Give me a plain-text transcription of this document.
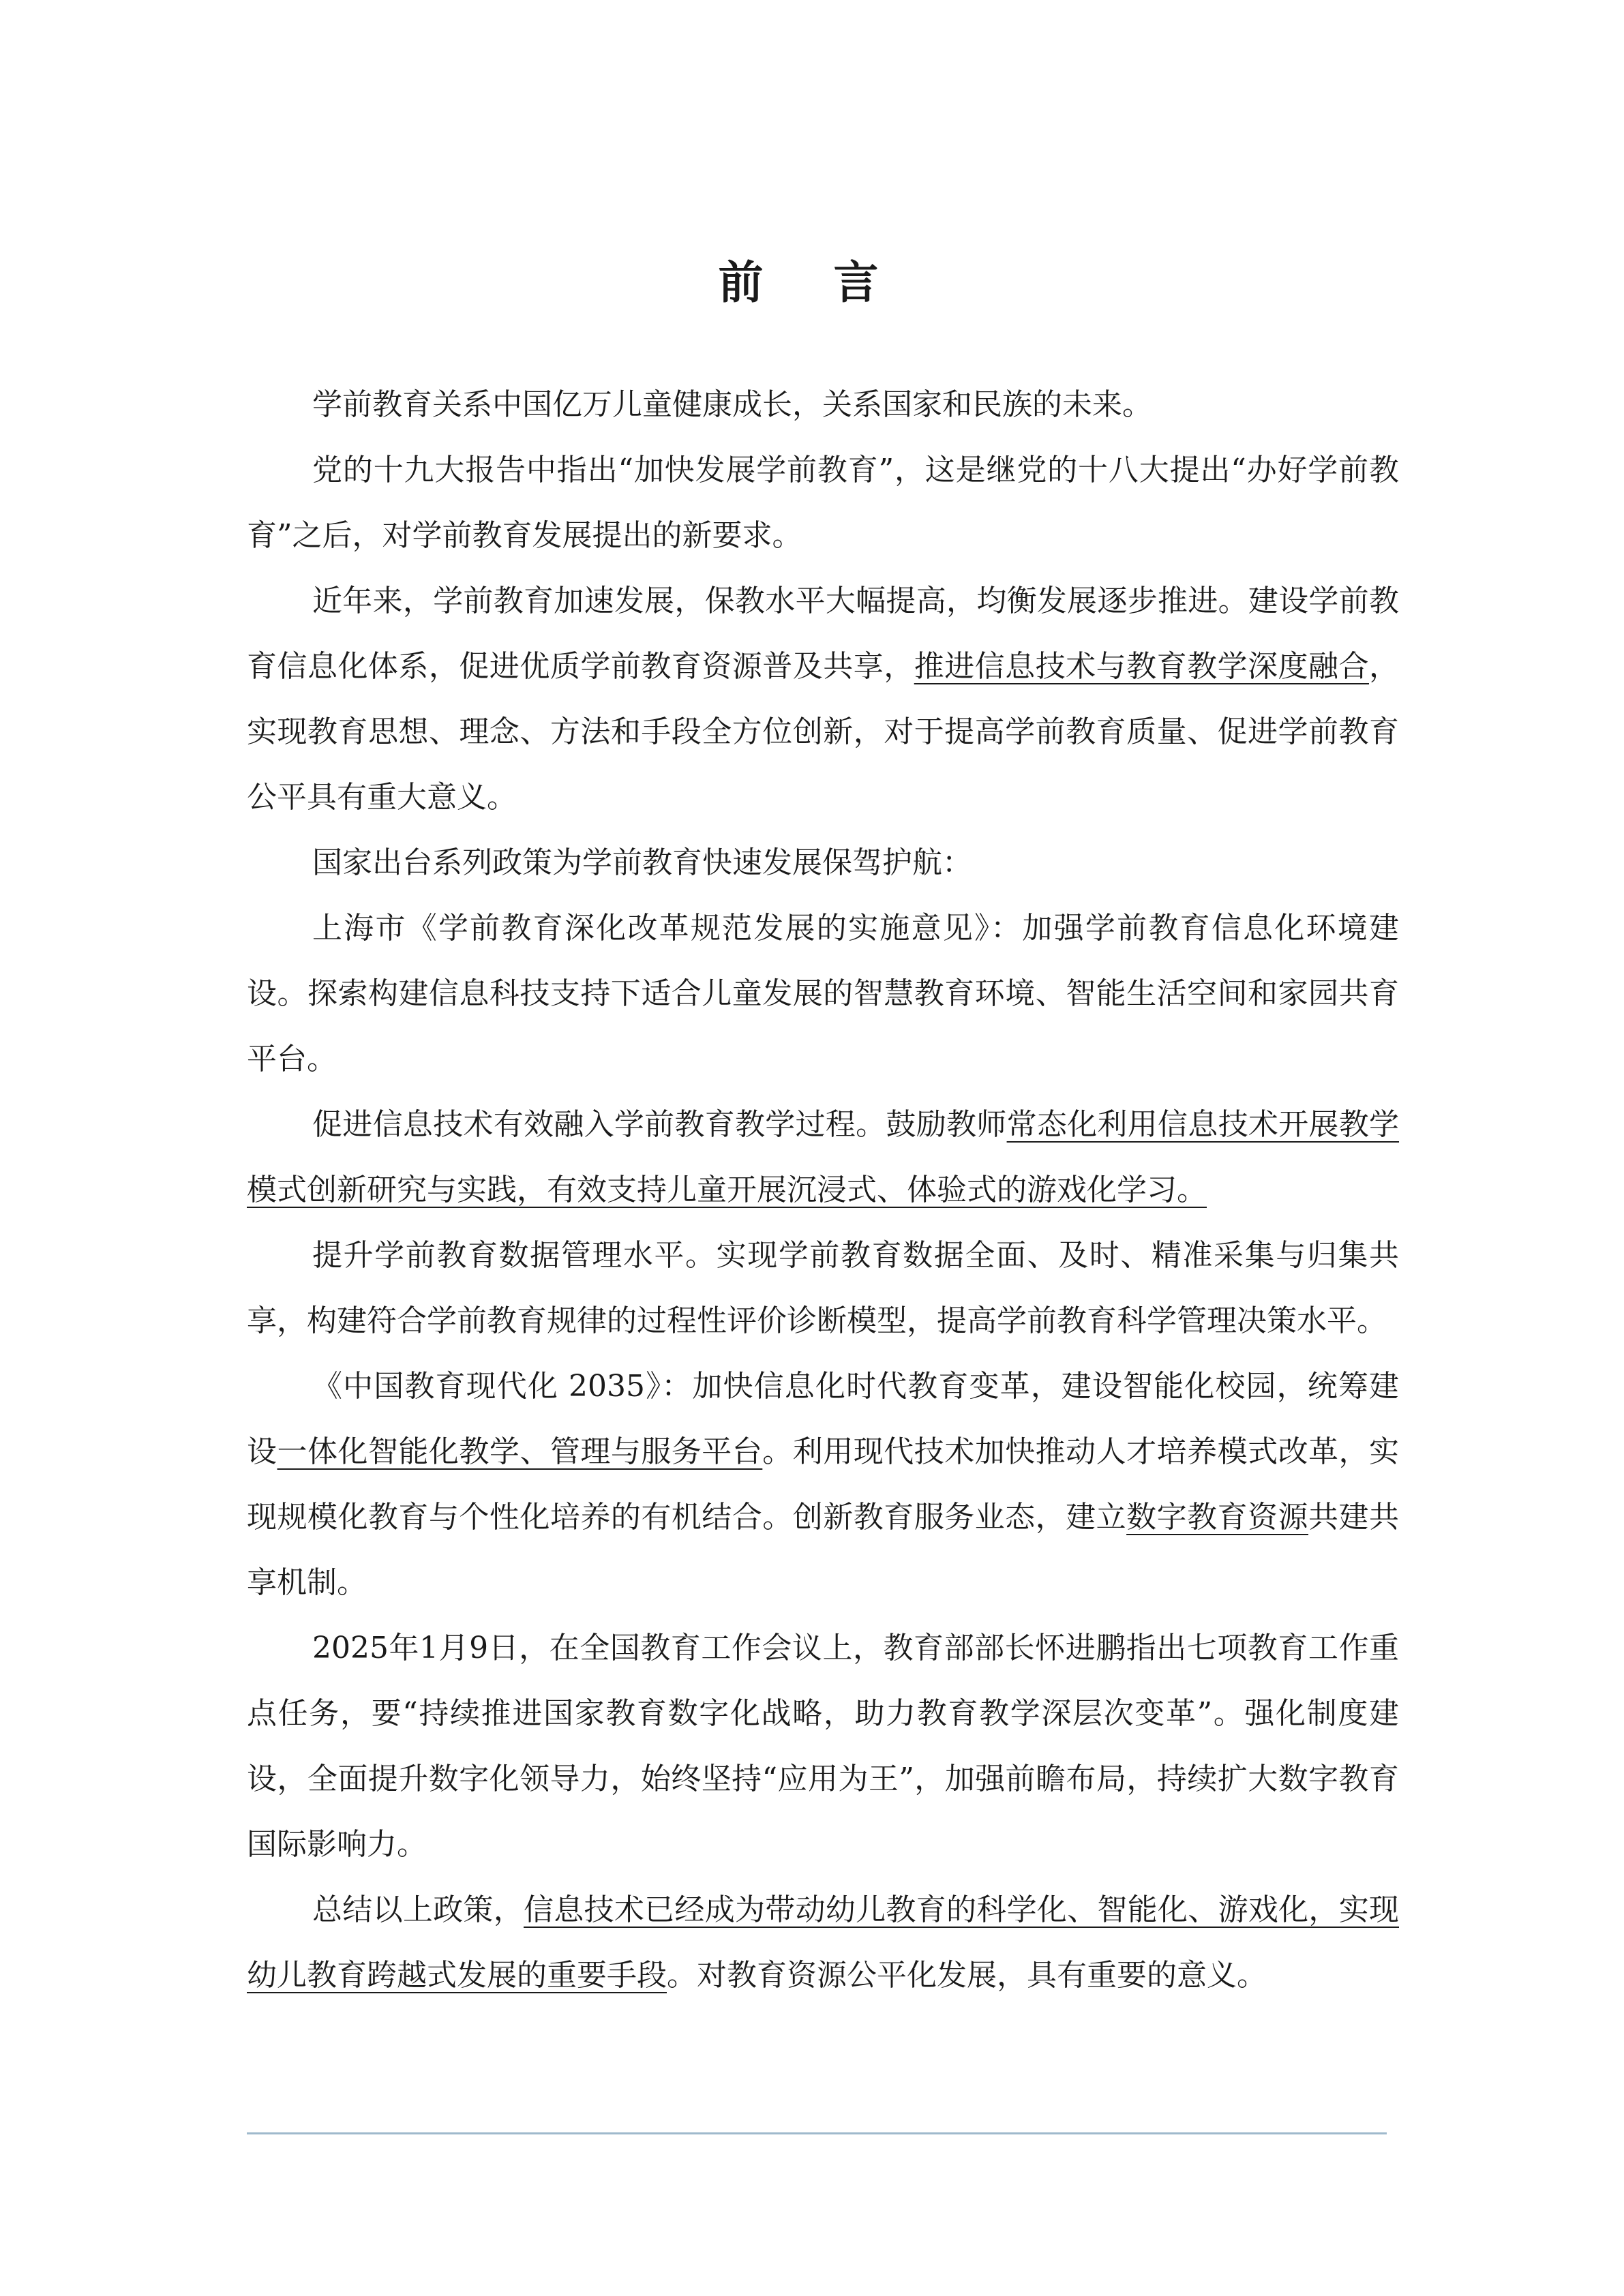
前 言

学前教育关系中国亿万儿童健康成长，关系国家和民族的未来。

党的十九大报告中指出“加快发展学前教育”，这是继党的十八大提出“办好学前教育”之后，对学前教育发展提出的新要求。

近年来，学前教育加速发展，保教水平大幅提高，均衡发展逐步推进。建设学前教育信息化体系，促进优质学前教育资源普及共享，推进信息技术与教育教学深度融合，实现教育思想、理念、方法和手段全方位创新，对于提高学前教育质量、促进学前教育公平具有重大意义。

国家出台系列政策为学前教育快速发展保驾护航：

上海市《学前教育深化改革规范发展的实施意见》：加强学前教育信息化环境建设。探索构建信息科技支持下适合儿童发展的智慧教育环境、智能生活空间和家园共育平台。

促进信息技术有效融入学前教育教学过程。鼓励教师常态化利用信息技术开展教学模式创新研究与实践，有效支持儿童开展沉浸式、体验式的游戏化学习。

提升学前教育数据管理水平。实现学前教育数据全面、及时、精准采集与归集共享，构建符合学前教育规律的过程性评价诊断模型，提高学前教育科学管理决策水平。

《中国教育现代化 2035》：加快信息化时代教育变革，建设智能化校园，统筹建设一体化智能化教学、管理与服务平台。利用现代技术加快推动人才培养模式改革，实现规模化教育与个性化培养的有机结合。创新教育服务业态，建立数字教育资源共建共享机制。

2025年1月9日，在全国教育工作会议上，教育部部长怀进鹏指出七项教育工作重点任务，要“持续推进国家教育数字化战略，助力教育教学深层次变革”。强化制度建设，全面提升数字化领导力，始终坚持“应用为王”，加强前瞻布局，持续扩大数字教育国际影响力。

总结以上政策，信息技术已经成为带动幼儿教育的科学化、智能化、游戏化，实现幼儿教育跨越式发展的重要手段。对教育资源公平化发展，具有重要的意义。
